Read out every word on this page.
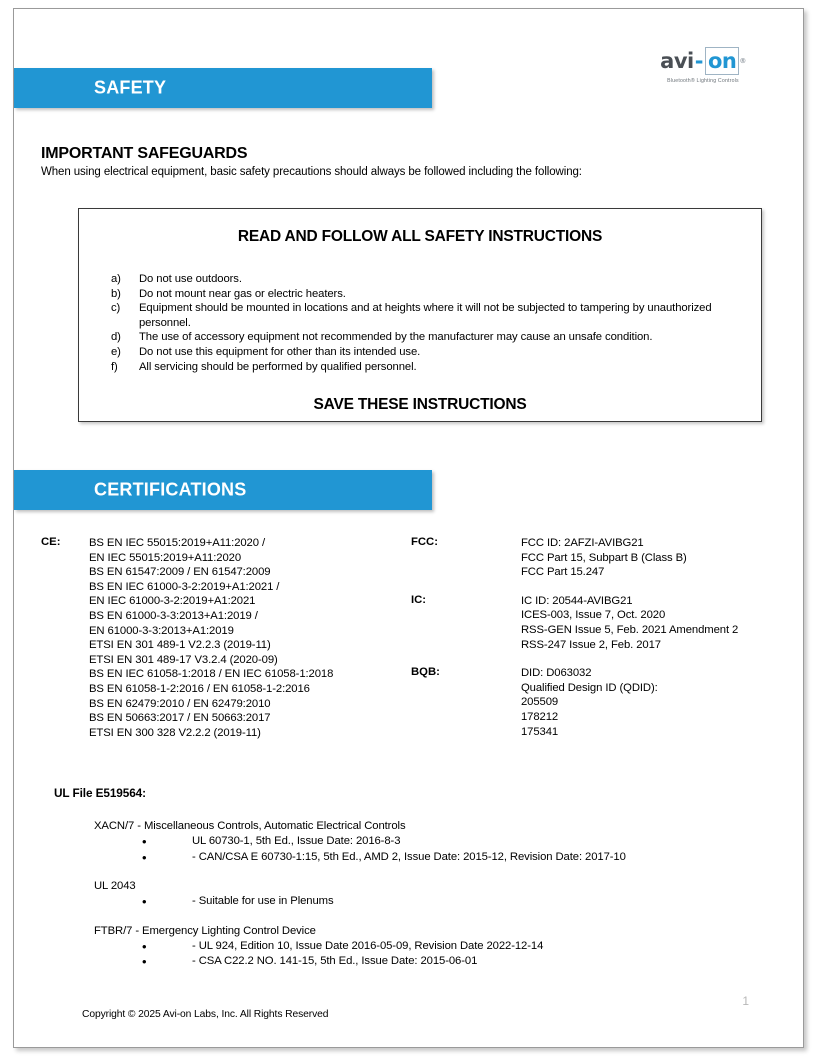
avi - on ®
Bluetooth® Lighting Controls
SAFETY
IMPORTANT SAFEGUARDS
When using electrical equipment, basic safety precautions should always be followed including the following:
READ AND FOLLOW ALL SAFETY INSTRUCTIONS
a)	Do not use outdoors.
b)	Do not mount near gas or electric heaters.
c)	Equipment should be mounted in locations and at heights where it will not be subjected to tampering by unauthorized personnel.
d)	The use of accessory equipment not recommended by the manufacturer may cause an unsafe condition.
e)	Do not use this equipment for other than its intended use.
f)	All servicing should be performed by qualified personnel.
SAVE THESE INSTRUCTIONS
CERTIFICATIONS
CE:	BS EN IEC 55015:2019+A11:2020 /
EN IEC 55015:2019+A11:2020
BS EN 61547:2009 / EN 61547:2009
BS EN IEC 61000-3-2:2019+A1:2021 /
EN IEC 61000-3-2:2019+A1:2021
BS EN 61000-3-3:2013+A1:2019 /
EN 61000-3-3:2013+A1:2019
ETSI EN 301 489-1 V2.2.3 (2019-11)
ETSI EN 301 489-17 V3.2.4 (2020-09)
BS EN IEC 61058-1:2018 / EN IEC 61058-1:2018
BS EN 61058-1-2:2016 / EN 61058-1-2:2016
BS EN 62479:2010 / EN 62479:2010
BS EN 50663:2017 / EN 50663:2017
ETSI EN 300 328 V2.2.2 (2019-11)
FCC:	FCC ID: 2AFZI-AVIBG21
FCC Part 15, Subpart B (Class B)
FCC Part 15.247
IC:	IC ID: 20544-AVIBG21
ICES-003, Issue 7, Oct. 2020
RSS-GEN Issue 5, Feb. 2021 Amendment 2
RSS-247 Issue 2, Feb. 2017
BQB:	DID: D063032
Qualified Design ID (QDID):
205509
178212
175341
UL File E519564:
XACN/7 - Miscellaneous Controls, Automatic Electrical Controls
•	UL 60730-1, 5th Ed., Issue Date: 2016-8-3
•	- CAN/CSA E 60730-1:15, 5th Ed., AMD 2, Issue Date: 2015-12, Revision Date: 2017-10
UL 2043
•	- Suitable for use in Plenums
FTBR/7 - Emergency Lighting Control Device
•	- UL 924, Edition 10, Issue Date 2016-05-09, Revision Date 2022-12-14
•	- CSA C22.2 NO. 141-15, 5th Ed., Issue Date: 2015-06-01
Copyright © 2025 Avi-on Labs, Inc. All Rights Reserved
1
